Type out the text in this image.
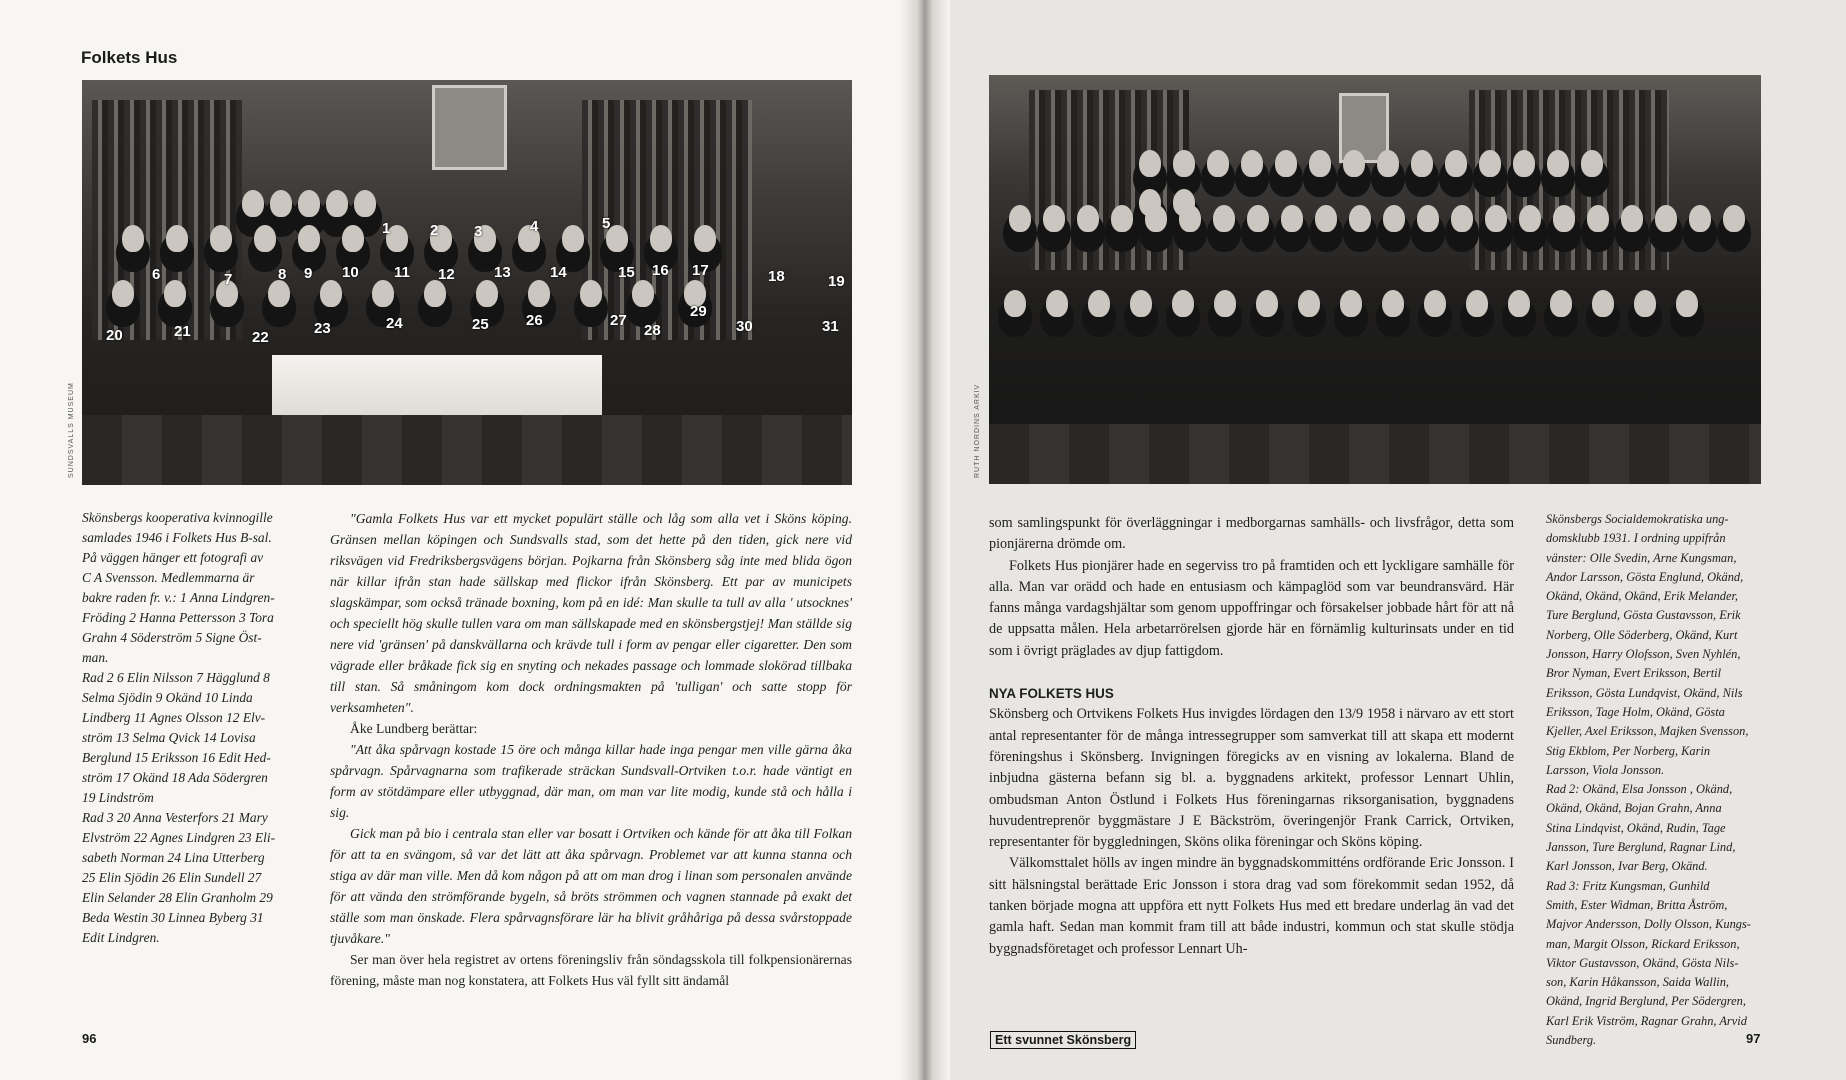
Folkets Hus
1	2 3	4	5
6	7	8 9 10 11 12	13	14	15 16 17	18	19
20	21	22
23	24	25 26	27
28
29
30	31
SUNDSVALLS MUSEUM
Skönsbergs kooperativa kvinnogille
samlades 1946 i Folkets Hus B-sal.
På väggen hänger ett fotografi av
C A Svensson. Medlemmarna är
bakre raden fr. v.: 1 Anna Lindgren-
Fröding 2 Hanna Pettersson 3 Tora
Grahn 4 Söderström 5 Signe Öst-
man.
Rad 2 6 Elin Nilsson 7 Hägglund 8
Selma Sjödin 9 Okänd 10 Linda
Lindberg 11 Agnes Olsson 12 Elv-
ström 13 Selma Qvick 14 Lovisa
Berglund 15 Eriksson 16 Edit Hed-
ström 17 Okänd 18 Ada Södergren
19 Lindström
Rad 3 20 Anna Vesterfors 21 Mary
Elvström 22 Agnes Lindgren 23 Eli-
sabeth Norman 24 Lina Utterberg
25 Elin Sjödin 26 Elin Sundell 27
Elin Selander 28 Elin Granholm 29
Beda Westin 30 Linnea Byberg 31
Edit Lindgren.

"Gamla Folkets Hus var ett mycket populärt ställe och låg som alla vet i Sköns köping. Gränsen mellan köpingen och Sundsvalls stad, som det hette på den tiden, gick nere vid riksvägen vid Fredriksbergsvägens början. Pojkarna från Skönsberg såg inte med blida ögon när killar ifrån stan hade sällskap med flickor ifrån Skönsberg. Ett par av municipets slagskämpar, som också tränade boxning, kom på en idé: Man skulle ta tull av alla ' utsocknes' och speciellt hög skulle tullen vara om man sällskapade med en skönsbergstjej! Man ställde sig nere vid 'gränsen' på danskvällarna och krävde tull i form av pengar eller cigaretter. Den som vägrade eller bråkade fick sig en snyting och nekades passage och lommade slokörad tillbaka till stan. Så småningom kom dock ordningsmakten på 'tulligan' och satte stopp för verksamheten".

Åke Lundberg berättar:

"Att åka spårvagn kostade 15 öre och många killar hade inga pengar men ville gärna åka spårvagn. Spårvagnarna som trafikerade sträckan Sundsvall-Ortviken t.o.r. hade väntigt en form av stötdämpare eller utbyggnad, där man, om man var lite modig, kunde stå och hålla i sig.

Gick man på bio i centrala stan eller var bosatt i Ortviken och kände för att åka till Folkan för att ta en svängom, så var det lätt att åka spårvagn. Problemet var att kunna stanna och stiga av där man ville. Men då kom någon på att om man drog i linan som personalen använde för att vända den strömförande bygeln, så bröts strömmen och vagnen stannade på exakt det ställe som man önskade. Flera spårvagnsförare lär ha blivit gråhåriga på dessa svårstoppade tjuvåkare."

Ser man över hela registret av ortens föreningsliv från söndagsskola till folkpensionärernas förening, måste man nog konstatera, att Folkets Hus väl fyllt sitt ändamål

96
RUTH NORDINS ARKIV

som samlingspunkt för överläggningar i medborgarnas samhälls- och livsfrågor, detta som pionjärerna drömde om.

Folkets Hus pionjärer hade en segerviss tro på framtiden och ett lyckligare samhälle för alla. Man var orädd och hade en entusiasm och kämpaglöd som var beundransvärd. Här fanns många vardagshjältar som genom uppoffringar och försakelser jobbade hårt för att nå de uppsatta målen. Hela arbetarrörelsen gjorde här en förnämlig kulturinsats under en tid som i övrigt präglades av djup fattigdom.

NYA FOLKETS HUS

Skönsberg och Ortvikens Folkets Hus invigdes lördagen den 13/9 1958 i närvaro av ett stort antal representanter för de många intressegrupper som samverkat till att skapa ett modernt föreningshus i Skönsberg. Invigningen föregicks av en visning av lokalerna. Bland de inbjudna gästerna befann sig bl. a. byggnadens arkitekt, professor Lennart Uhlin, ombudsman Anton Östlund i Folkets Hus föreningarnas riksorganisation, byggnadens huvudentreprenör byggmästare J E Bäckström, överingenjör Frank Carrick, Ortviken, representanter för byggledningen, Sköns olika föreningar och Sköns köping.

Välkomsttalet hölls av ingen mindre än byggnadskommitténs ordförande Eric Jonsson. I sitt hälsningstal berättade Eric Jonsson i stora drag vad som förekommit sedan 1952, då tanken började mogna att uppföra ett nytt Folkets Hus med ett bredare underlag än vad det gamla haft. Sedan man kommit fram till att både industri, kommun och stat skulle stödja byggnadsföretaget och professor Lennart Uh-

Skönsbergs Socialdemokratiska ung-
domsklubb 1931. I ordning uppifrån
vänster: Olle Svedin, Arne Kungsman,
Andor Larsson, Gösta Englund, Okänd,
Okänd, Okänd, Okänd, Erik Melander,
Ture Berglund, Gösta Gustavsson, Erik
Norberg, Olle Söderberg, Okänd, Kurt
Jonsson, Harry Olofsson, Sven Nyhlén,
Bror Nyman, Evert Eriksson, Bertil
Eriksson, Gösta Lundqvist, Okänd, Nils
Eriksson, Tage Holm, Okänd, Gösta
Kjeller, Axel Eriksson, Majken Svensson,
Stig Ekblom, Per Norberg, Karin
Larsson, Viola Jonsson.
Rad 2: Okänd, Elsa Jonsson , Okänd,
Okänd, Okänd, Bojan Grahn, Anna
Stina Lindqvist, Okänd, Rudin, Tage
Jansson, Ture Berglund, Ragnar Lind,
Karl Jonsson, Ivar Berg, Okänd.
Rad 3: Fritz Kungsman, Gunhild
Smith, Ester Widman, Britta Åström,
Majvor Andersson, Dolly Olsson, Kungs-
man, Margit Olsson, Rickard Eriksson,
Viktor Gustavsson, Okänd, Gösta Nils-
son, Karin Håkansson, Saida Wallin,
Okänd, Ingrid Berglund, Per Södergren,
Karl Erik Viström, Ragnar Grahn, Arvid
Sundberg.
Ett svunnet Skönsberg	97
